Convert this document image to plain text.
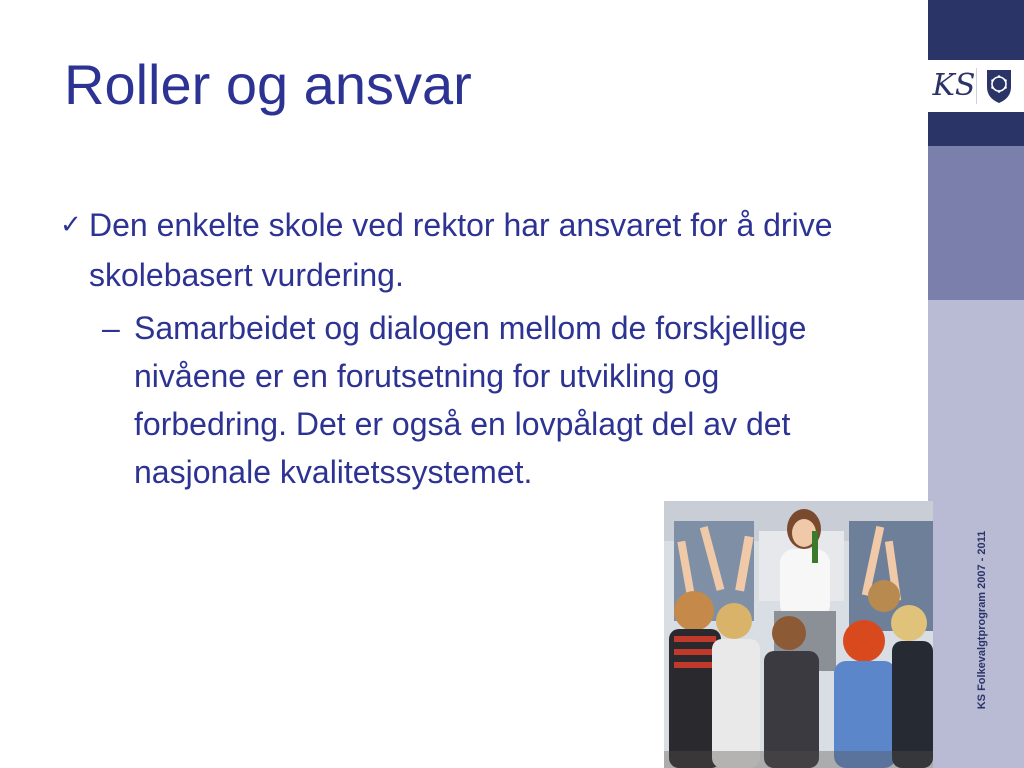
Roller og ansvar
✓ Den enkelte skole ved rektor har ansvaret for å drive skolebasert vurdering.
– Samarbeidet og dialogen mellom de forskjellige nivåene er en forutsetning for utvikling og forbedring. Det er også en lovpålagt del av det nasjonale kvalitetssystemet.
KS
KS Folkevalgtprogram 2007 - 2011
